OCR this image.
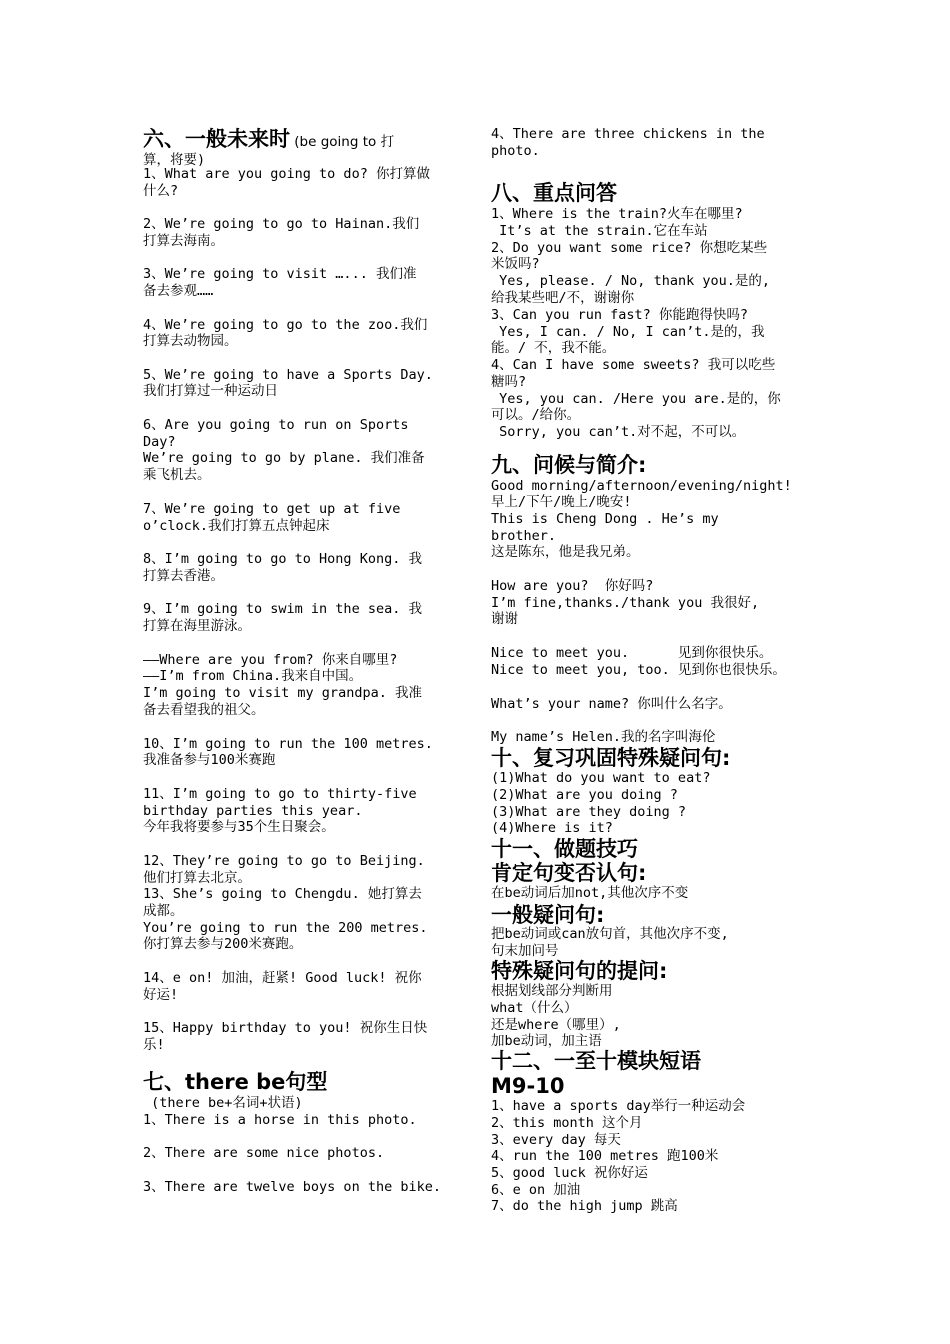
六、一般未来时 (be going to 打
算，将要)
1、What are you going to do? 你打算做
什么?
2、We’re going to go to Hainan.我们
打算去海南。
3、We’re going to visit …... 我们准
备去参观……
4、We’re going to go to the zoo.我们
打算去动物园。
5、We’re going to have a Sports Day.
我们打算过一种运动日
6、Are you going to run on Sports
Day?
We’re going to go by plane. 我们准备
乘飞机去。
7、We’re going to get up at five
o’clock.我们打算五点钟起床
8、I’m going to go to Hong Kong. 我
打算去香港。
9、I’m going to swim in the sea. 我
打算在海里游泳。
——Where are you from? 你来自哪里?
——I’m from China.我来自中国。
I’m going to visit my grandpa. 我准
备去看望我的祖父。
10、I’m going to run the 100 metres.
我准备参与100米赛跑
11、I’m going to go to thirty-five
birthday parties this year.
今年我将要参与35个生日聚会。
12、They’re going to go to Beijing.
他们打算去北京。
13、She’s going to Chengdu. 她打算去
成都。
You’re going to run the 200 metres.
你打算去参与200米赛跑。
14、e on! 加油，赶紧! Good luck! 祝你
好运!
15、Happy birthday to you! 祝你生日快
乐!
七、there be句型
(there be+名词+状语)
1、There is a horse in this photo.
2、There are some nice photos.
3、There are twelve boys on the bike.
4、There are three chickens in the
photo.
八、重点问答
1、Where is the train?火车在哪里?
It’s at the strain.它在车站
2、Do you want some rice? 你想吃某些
米饭吗?
Yes, please. / No, thank you.是的,
给我某些吧/不，谢谢你
3、Can you run fast? 你能跑得快吗?
Yes, I can. / No, I can’t.是的，我
能。/ 不，我不能。
4、Can I have some sweets? 我可以吃些
糖吗?
Yes, you can. /Here you are.是的，你
可以。/给你。
Sorry, you can’t.对不起，不可以。
九、问候与简介:
Good morning/afternoon/evening/night!
早上/下午/晚上/晚安!
This is Cheng Dong . He’s my
brother.
这是陈东，他是我兄弟。
How are you?  你好吗?
I’m fine,thanks./thank you 我很好,
谢谢
Nice to meet you.      见到你很快乐。
Nice to meet you, too. 见到你也很快乐。
What’s your name? 你叫什么名字。
My name’s Helen.我的名字叫海伦
十、复习巩固特殊疑问句:
(1)What do you want to eat?
(2)What are you doing ?
(3)What are they doing ?
(4)Where is it?
十一、做题技巧
肯定句变否认句:
在be动词后加not,其他次序不变
一般疑问句:
把be动词或can放句首，其他次序不变,
句末加问号
特殊疑问句的提问:
根据划线部分判断用
what（什么）
还是where（哪里）,
加be动词，加主语
十二、一至十模块短语
M9-10
1、have a sports day举行一种运动会
2、this month 这个月
3、every day 每天
4、run the 100 metres 跑100米
5、good luck 祝你好运
6、e on 加油
7、do the high jump 跳高
